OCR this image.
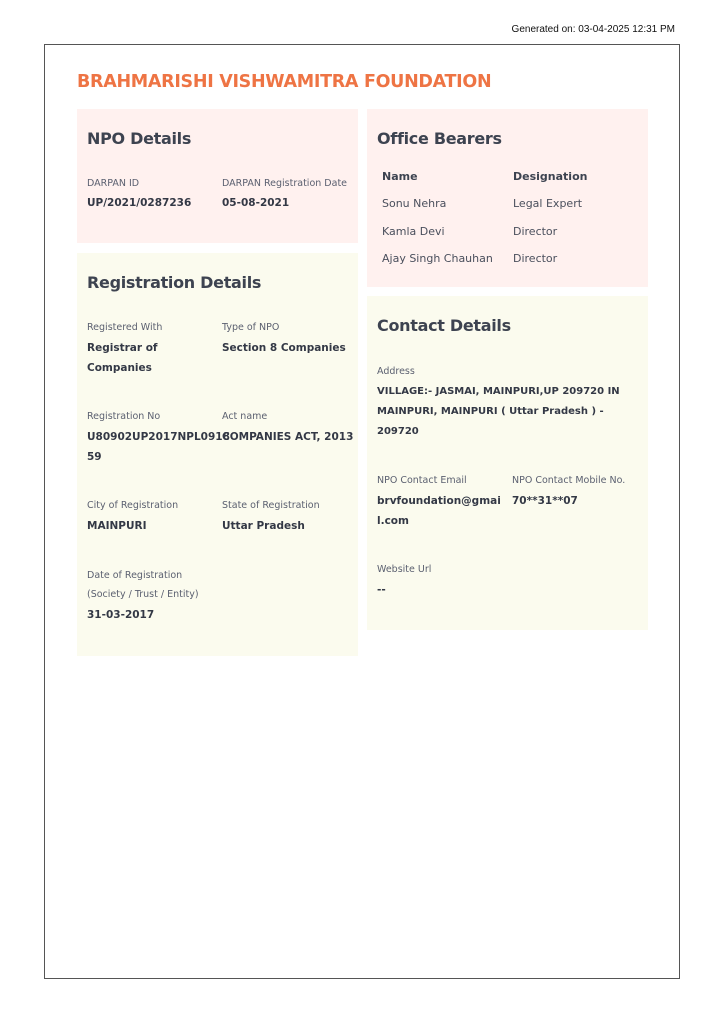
Generated on: 03-04-2025 12:31 PM
BRAHMARISHI VISHWAMITRA FOUNDATION
NPO Details
DARPAN ID
UP/2021/0287236
DARPAN Registration Date
05-08-2021
Office Bearers
Name	Designation
Sonu Nehra	Legal Expert
Kamla Devi	Director
Ajay Singh Chauhan Director
Registration Details
Registered With
Registrar of
Companies
Type of NPO
Section 8 Companies
Registration No
U80902UP2017NPL0918
59
Act name
COMPANIES ACT, 2013
City of Registration
MAINPURI
State of Registration
Uttar Pradesh
Date of Registration
(Society / Trust / Entity)
31-03-2017
Contact Details
Address
VILLAGE:- JASMAI, MAINPURI,UP 209720 IN
MAINPURI, MAINPURI ( Uttar Pradesh ) -
209720
NPO Contact Email
brvfoundation@gmai
l.com
NPO Contact Mobile No.
70**31**07
Website Url
--
